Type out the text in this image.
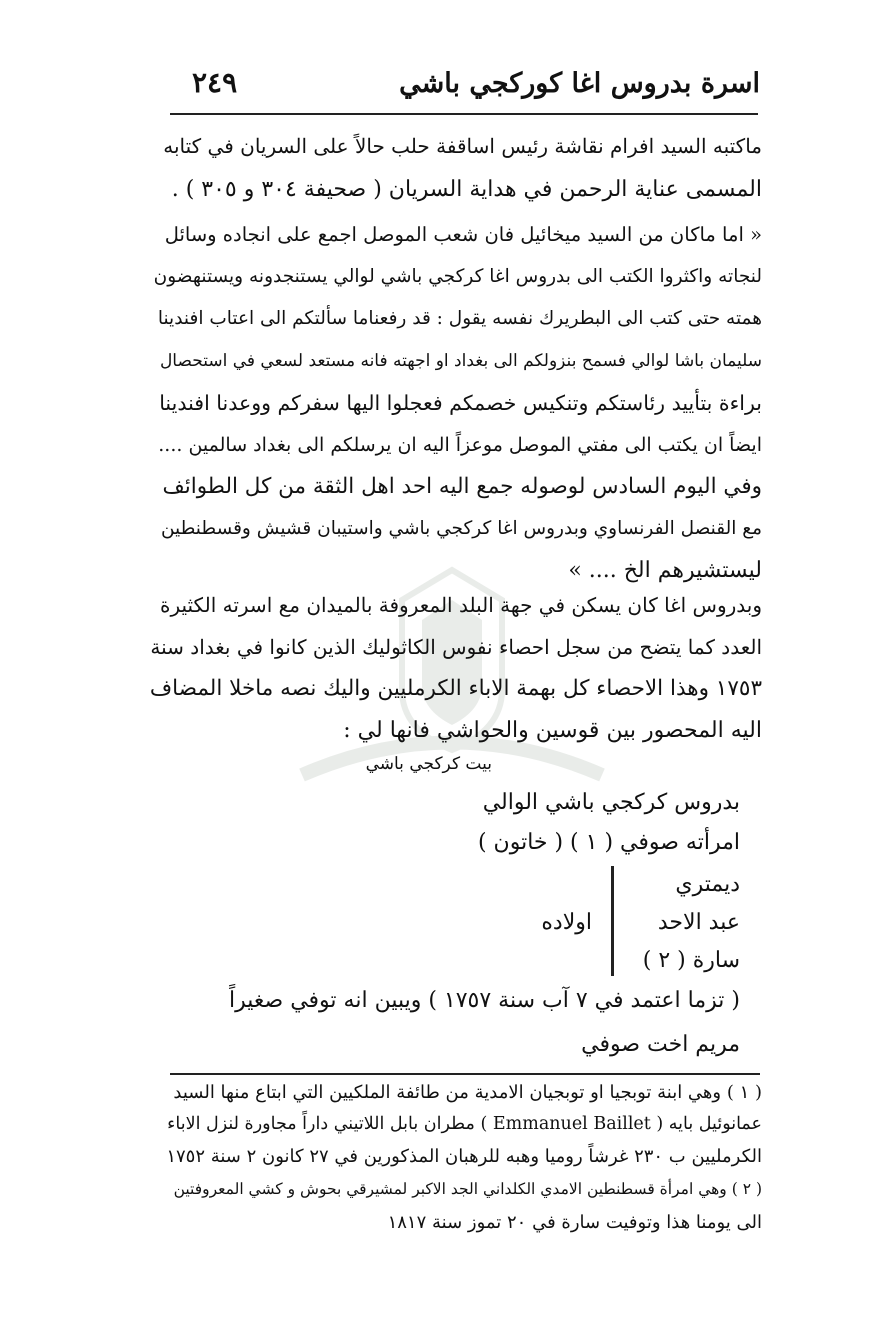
اسرة بدروس اغا كوركجي باشي
٢٤٩
ماكتبه السيد افرام نقاشة رئيس اساقفة حلب حالاً على السريان في كتابه
المسمى عناية الرحمن في هداية السريان ( صحيفة ٣٠٤ و ٣٠٥ ) .
« اما ماكان من السيد ميخائيل فان شعب الموصل اجمع على انجاده وسائل
لنجاته واكثروا الكتب الى بدروس اغا كركجي باشي لوالي يستنجدونه ويستنهضون
همته حتى كتب الى البطريرك نفسه يقول : قد رفعناما سألتكم الى اعتاب افندينا
سليمان باشا لوالي فسمح بنزولكم الى بغداد او اجهته فانه مستعد لسعي في استحصال
براءة بتأييد رئاستكم وتنكيس خصمكم فعجلوا اليها سفركم ووعدنا افندينا
ايضاً ان يكتب الى مفتي الموصل موعزاً اليه ان يرسلكم الى بغداد سالمين ....
وفي اليوم السادس لوصوله جمع اليه احد اهل الثقة من كل الطوائف
مع القنصل الفرنساوي وبدروس اغا كركجي باشي واستيبان قشيش وقسطنطين
ليستشيرهم الخ .... »
وبدروس اغا كان يسكن في جهة البلد المعروفة بالميدان مع اسرته الكثيرة
العدد كما يتضح من سجل احصاء نفوس الكاثوليك الذين كانوا في بغداد سنة
١٧٥٣ وهذا الاحصاء كل بهمة الاباء الكرمليين واليك نصه ماخلا المضاف
اليه المحصور بين قوسين والحواشي فانها لي :
بيت كركجي باشي
بدروس كركجي باشي الوالي
امرأته صوفي ( ١ ) ( خاتون )
ديمتري
عبد الاحد
سارة ( ٢ )
اولاده
( تزما اعتمد في ٧ آب سنة ١٧٥٧ ) ويبين انه توفي صغيراً
مريم اخت صوفي
( ١ ) وهي ابنة توبجيا او توبجيان الامدية من طائفة الملكيين التي ابتاع منها السيد
عمانوئيل بايه ( Emmanuel Baillet ) مطران بابل اللاتيني داراً مجاورة لنزل الاباء
الكرمليين ب ٢٣٠ غرشاً روميا وهبه للرهبان المذكورين في ٢٧ كانون ٢ سنة ١٧٥٢
( ٢ ) وهي امرأة قسطنطين الامدي الكلداني الجد الاكبر لمشيرقي بحوش و كشي المعروفتين
الى يومنا هذا وتوفيت سارة في ٢٠ تموز سنة ١٨١٧
